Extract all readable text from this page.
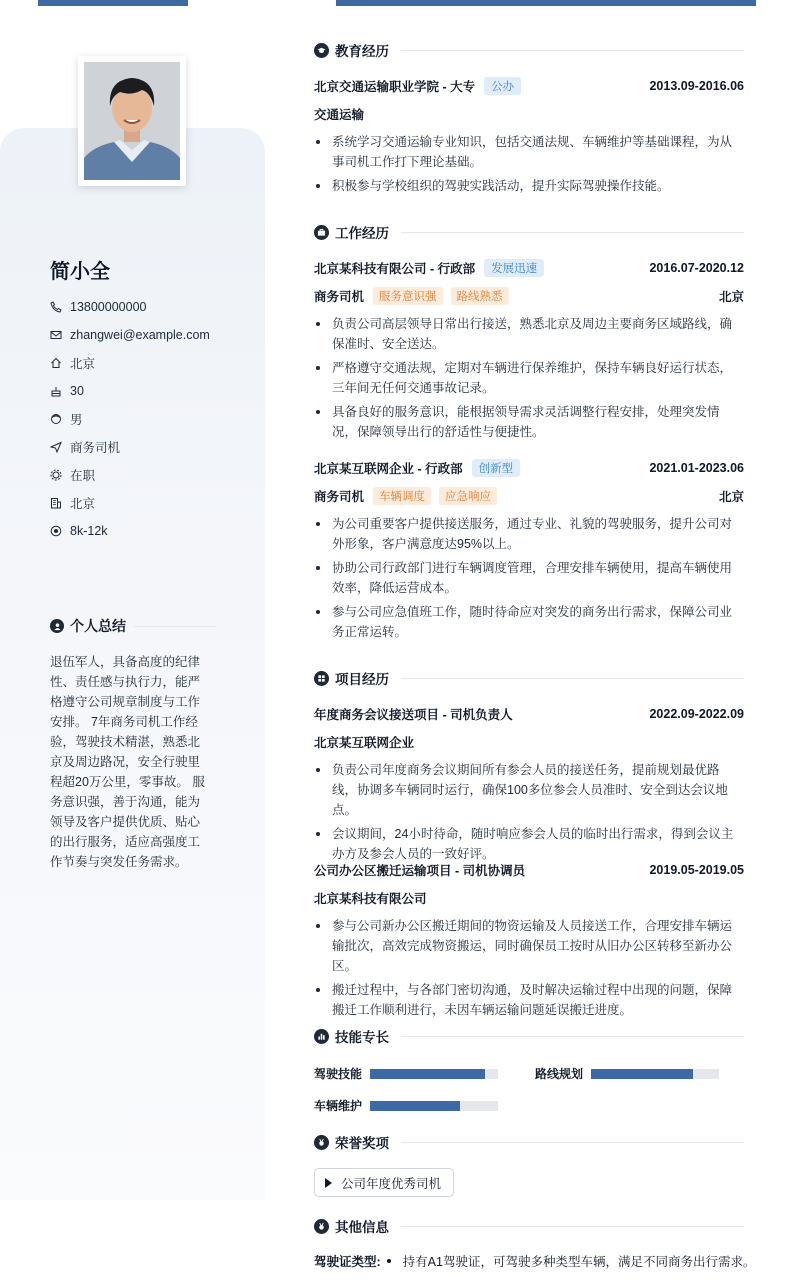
简小全
13800000000
zhangwei@example.com
北京
30
男
商务司机
在职
北京
8k-12k
个人总结
退伍军人，具备高度的纪律性、责任感与执行力，能严格遵守公司规章制度与工作安排。 7年商务司机工作经验，驾驶技术精湛，熟悉北京及周边路况，安全行驶里程超20万公里，零事故。 服务意识强，善于沟通，能为领导及客户提供优质、贴心的出行服务，适应高强度工作节奏与突发任务需求。
教育经历
北京交通运输职业学院 - 大专	公办	2013.09-2016.06
交通运输
系统学习交通运输专业知识，包括交通法规、车辆维护等基础课程，为从事司机工作打下理论基础。
积极参与学校组织的驾驶实践活动，提升实际驾驶操作技能。
工作经历
北京某科技有限公司 - 行政部	发展迅速	2016.07-2020.12
商务司机	服务意识强	路线熟悉	北京
负责公司高层领导日常出行接送，熟悉北京及周边主要商务区域路线，确保准时、安全送达。
严格遵守交通法规，定期对车辆进行保养维护，保持车辆良好运行状态，三年间无任何交通事故记录。
具备良好的服务意识，能根据领导需求灵活调整行程安排，处理突发情况，保障领导出行的舒适性与便捷性。
北京某互联网企业 - 行政部	创新型	2021.01-2023.06
商务司机	车辆调度	应急响应	北京
为公司重要客户提供接送服务，通过专业、礼貌的驾驶服务，提升公司对外形象，客户满意度达95%以上。
协助公司行政部门进行车辆调度管理，合理安排车辆使用，提高车辆使用效率，降低运营成本。
参与公司应急值班工作，随时待命应对突发的商务出行需求，保障公司业务正常运转。
项目经历
年度商务会议接送项目 - 司机负责人	2022.09-2022.09
北京某互联网企业
负责公司年度商务会议期间所有参会人员的接送任务，提前规划最优路线，协调多车辆同时运行，确保100多位参会人员准时、安全到达会议地点。
会议期间，24小时待命，随时响应参会人员的临时出行需求，得到会议主办方及参会人员的一致好评。
公司办公区搬迁运输项目 - 司机协调员	2019.05-2019.05
北京某科技有限公司
参与公司新办公区搬迁期间的物资运输及人员接送工作，合理安排车辆运输批次，高效完成物资搬运，同时确保员工按时从旧办公区转移至新办公区。
搬迁过程中，与各部门密切沟通，及时解决运输过程中出现的问题，保障搬迁工作顺利进行，未因车辆运输问题延误搬迁进度。
技能专长
驾驶技能	路线规划
车辆维护
荣誉奖项
公司年度优秀司机
其他信息
驾驶证类型: 持有A1驾驶证，可驾驶多种类型车辆，满足不同商务出行需求。
